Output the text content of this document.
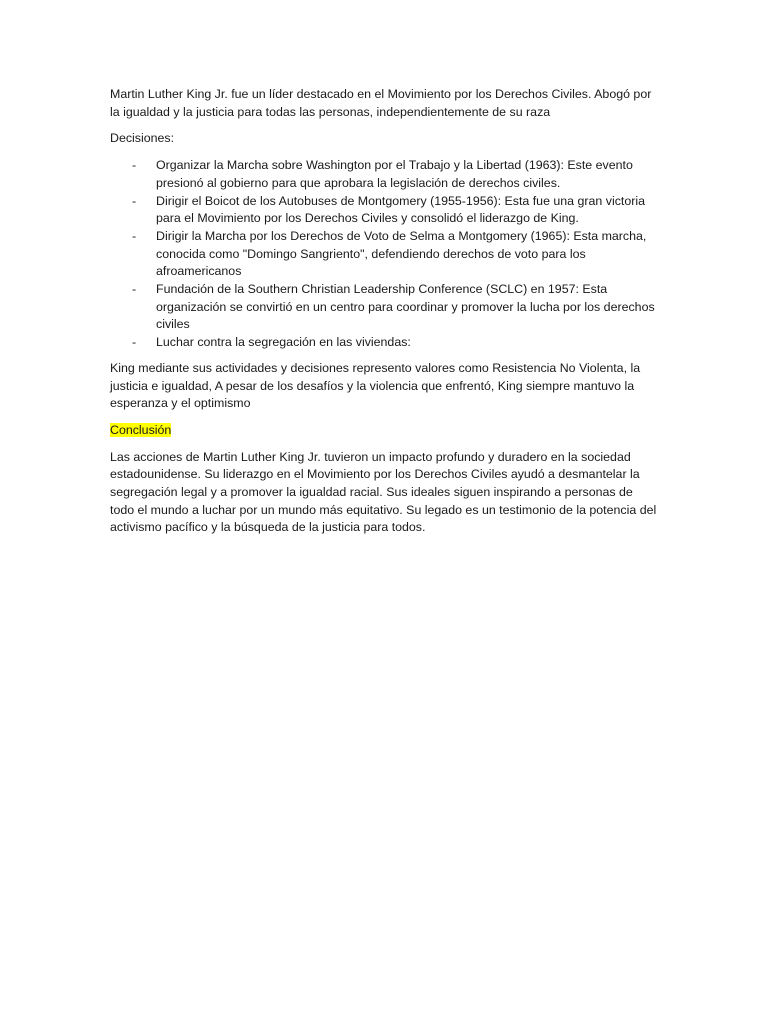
Martin Luther King Jr. fue un líder destacado en el Movimiento por los Derechos Civiles. Abogó por la igualdad y la justicia para todas las personas, independientemente de su raza

Decisiones:

- Organizar la Marcha sobre Washington por el Trabajo y la Libertad (1963): Este evento presionó al gobierno para que aprobara la legislación de derechos civiles.
- Dirigir el Boicot de los Autobuses de Montgomery (1955-1956): Esta fue una gran victoria para el Movimiento por los Derechos Civiles y consolidó el liderazgo de King.
- Dirigir la Marcha por los Derechos de Voto de Selma a Montgomery (1965): Esta marcha, conocida como "Domingo Sangriento", defendiendo derechos de voto para los afroamericanos
- Fundación de la Southern Christian Leadership Conference (SCLC) en 1957: Esta organización se convirtió en un centro para coordinar y promover la lucha por los derechos civiles
- Luchar contra la segregación en las viviendas:

King mediante sus actividades y decisiones represento valores como Resistencia No Violenta, la justicia e igualdad, A pesar de los desafíos y la violencia que enfrentó, King siempre mantuvo la esperanza y el optimismo

Conclusión

Las acciones de Martin Luther King Jr. tuvieron un impacto profundo y duradero en la sociedad estadounidense. Su liderazgo en el Movimiento por los Derechos Civiles ayudó a desmantelar la segregación legal y a promover la igualdad racial. Sus ideales siguen inspirando a personas de todo el mundo a luchar por un mundo más equitativo. Su legado es un testimonio de la potencia del activismo pacífico y la búsqueda de la justicia para todos.
